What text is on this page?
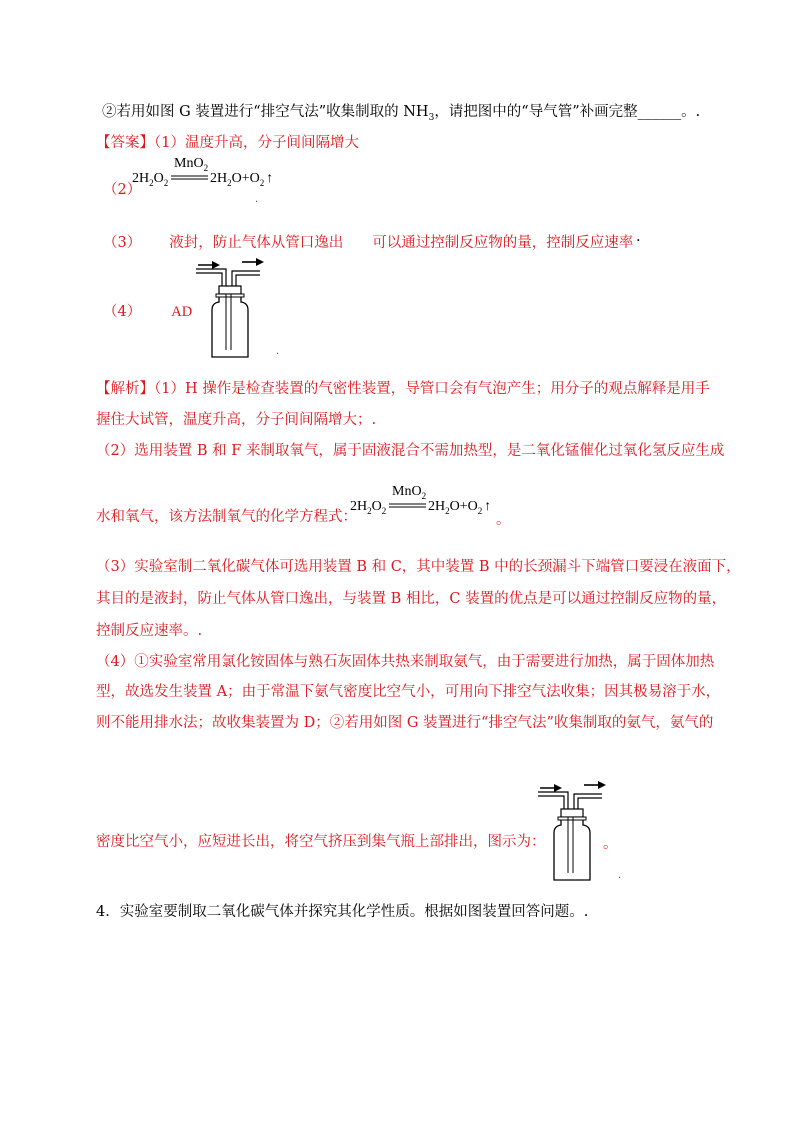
②若用如图 G 装置进行“排空气法”收集制取的 $NH_3$，请把图中的“导气管”补画完整______。.
【答案】（1）温度升高，分子间间隔增大
（2）
MnO$_2$
$2H_2O_2$	$2H_2O+O_2$ ↑
.
（3） 液封，防止气体从管口逸出　　可以通过控制反应物的量，控制反应速率 .
（4） AD
.
【解析】（1）H 操作是检查装置的气密性装置，导管口会有气泡产生；用分子的观点解释是用手
握住大试管，温度升高，分子间间隔增大；.
（2）选用装置 B 和 F 来制取氧气，属于固液混合不需加热型，是二氧化锰催化过氧化氢反应生成
水和氧气，该方法制氧气的化学方程式：
MnO$_2$
$2H_2O_2$	$2H_2O+O_2$ ↑
。
（3）实验室制二氧化碳气体可选用装置 B 和 C，其中装置 B 中的长颈漏斗下端管口要浸在液面下，
其目的是液封，防止气体从管口逸出，与装置 B 相比，C 装置的优点是可以通过控制反应物的量，
控制反应速率。.
（4）①实验室常用氯化铵固体与熟石灰固体共热来制取氨气，由于需要进行加热，属于固体加热
型，故选发生装置 A；由于常温下氨气密度比空气小，可用向下排空气法收集；因其极易溶于水，
则不能用排水法；故收集装置为 D；②若用如图 G 装置进行“排空气法”收集制取的氨气，氨气的
密度比空气小，应短进长出，将空气挤压到集气瓶上部排出，图示为：	。
.
4．实验室要制取二氧化碳气体并探究其化学性质。根据如图装置回答问题。.
